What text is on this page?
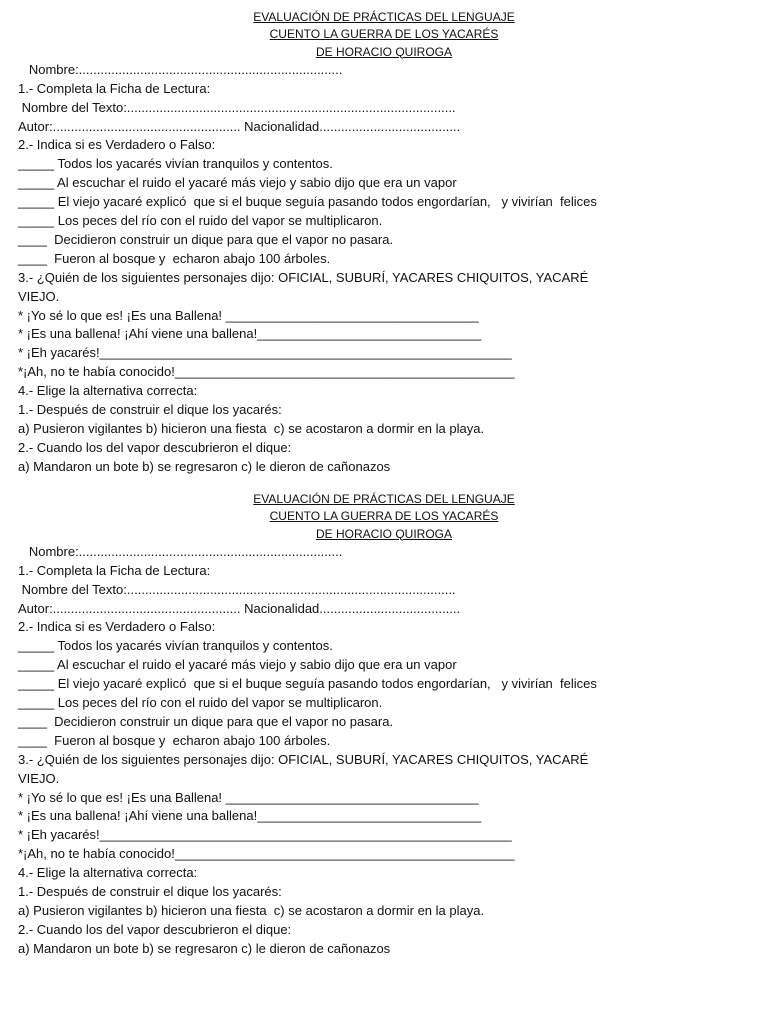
EVALUACIÓN DE PRÁCTICAS DEL LENGUAJE
CUENTO LA GUERRA DE LOS YACARÉS
DE HORACIO QUIROGA
Nombre:.........................................................................
1.- Completa la Ficha de Lectura:
Nombre del Texto:...........................................................................................
Autor:.................................................... Nacionalidad.......................................
2.- Indica si es Verdadero o Falso:
_____ Todos los yacarés vivían tranquilos y contentos.
_____ Al escuchar el ruido el yacaré más viejo y sabio dijo que era un vapor
_____ El viejo yacaré explicó  que si el buque seguía pasando todos engordarían,   y vivirían  felices
_____ Los peces del río con el ruido del vapor se multiplicaron.
____  Decidieron construir un dique para que el vapor no pasara.
____  Fueron al bosque y  echaron abajo 100 árboles.
3.- ¿Quién de los siguientes personajes dijo: OFICIAL, SUBURÍ, YACARES CHIQUITOS, YACARÉ VIEJO.
* ¡Yo sé lo que es! ¡Es una Ballena! ___________________________________
* ¡Es una ballena! ¡Ahí viene una ballena!_______________________________
* ¡Eh yacarés!_________________________________________________________
*¡Ah, no te había conocido!_______________________________________________
4.- Elige la alternativa correcta:
1.- Después de construir el dique los yacarés:
a) Pusieron vigilantes b) hicieron una fiesta  c) se acostaron a dormir en la playa.
2.- Cuando los del vapor descubrieron el dique:
a) Mandaron un bote b) se regresaron c) le dieron de cañonazos
EVALUACIÓN DE PRÁCTICAS DEL LENGUAJE
CUENTO LA GUERRA DE LOS YACARÉS
DE HORACIO QUIROGA
Nombre:.........................................................................
1.- Completa la Ficha de Lectura:
Nombre del Texto:...........................................................................................
Autor:.................................................... Nacionalidad.......................................
2.- Indica si es Verdadero o Falso:
_____ Todos los yacarés vivían tranquilos y contentos.
_____ Al escuchar el ruido el yacaré más viejo y sabio dijo que era un vapor
_____ El viejo yacaré explicó  que si el buque seguía pasando todos engordarían,   y vivirían  felices
_____ Los peces del río con el ruido del vapor se multiplicaron.
____  Decidieron construir un dique para que el vapor no pasara.
____  Fueron al bosque y  echaron abajo 100 árboles.
3.- ¿Quién de los siguientes personajes dijo: OFICIAL, SUBURÍ, YACARES CHIQUITOS, YACARÉ VIEJO.
* ¡Yo sé lo que es! ¡Es una Ballena! ___________________________________
* ¡Es una ballena! ¡Ahí viene una ballena!_______________________________
* ¡Eh yacarés!_________________________________________________________
*¡Ah, no te había conocido!_______________________________________________
4.- Elige la alternativa correcta:
1.- Después de construir el dique los yacarés:
a) Pusieron vigilantes b) hicieron una fiesta  c) se acostaron a dormir en la playa.
2.- Cuando los del vapor descubrieron el dique:
a) Mandaron un bote b) se regresaron c) le dieron de cañonazos
